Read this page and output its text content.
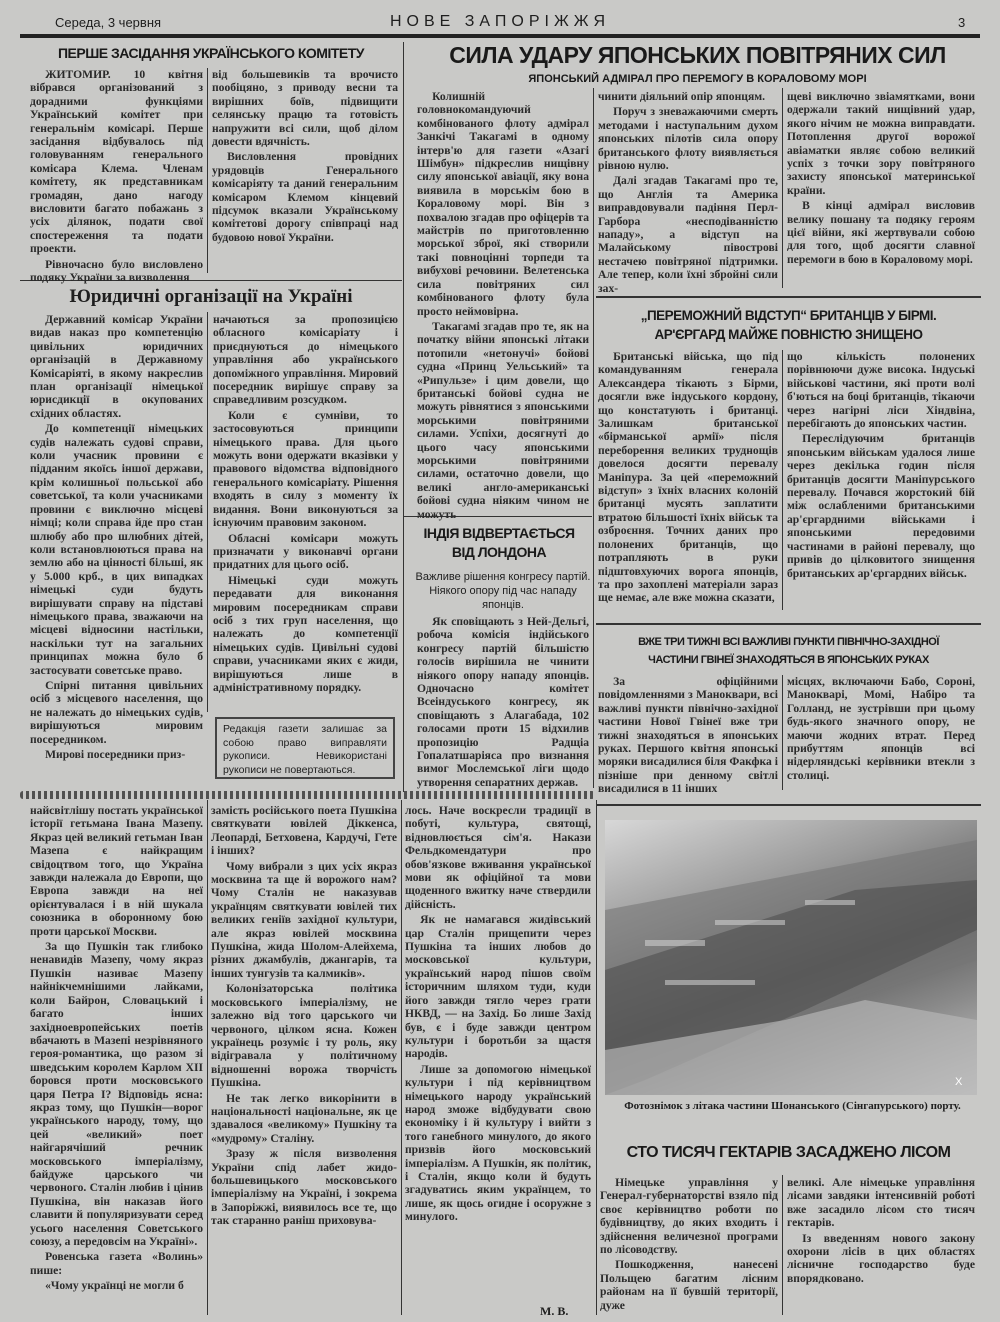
Середа, 3 червня	НОВЕ ЗАПОРІЖЖЯ	3
ПЕРШЕ ЗАСІДАННЯ УКРАЇНСЬКОГО КОМІТЕТУ

ЖИТОМИР. 10 квітня вібрався організований з дорадними функціями Український комітет при генеральнім комісарі. Перше засідання відбувалось під головуванням генерального комісара Клема. Членам комітету, як представникам громадян, дано нагоду висловити багато побажань з усіх ділянок, подати свої спостереження та подати проекти.

Рівночасно було висловлено подяку України за визволення

від большевиків та врочисто пообіцяно, з приводу весни та вирішних боїв, підвищити селянську працю та готовість напружити всі сили, щоб ділом довести вдячність.

Висловлення провідних урядовців Генерального комісаріяту та даний генеральним комісаром Клемом кінцевий підсумок вказали Українському комітетові дорогу співпраці над будовою нової України.

Юридичні організації на Україні

Державний комісар України видав наказ про компетенцію цивільних юридичних організацій в Державному Комісаріяті, в якому накреслив план організації німецької юрисдикції в окупованих східних областях.

До компетенції німецьких судів належать судові справи, коли учасник провини є підданим якоїсь іншої держави, крім колишньої польської або советської, та коли учасниками провини є виключно місцеві німці; коли справа йде про стан шлюбу або про шлюбних дітей, коли встановлюються права на землю або на цінності більші, як у 5.000 крб., в цих випадках німецькі суди будуть вирішувати справу на підставі німецького права, зважаючи на місцеві відносини настільки, наскільки тут на загальних принципах можна було б застосувати советське право.

Спірні питання цивільних осіб з місцевого населення, що не належать до німецьких судів, вирішуються мировим посередником.

Мирові посередники приз-

начаються за пропозицією обласного комісаріату і приєднуються до німецького управління або українського допоміжного управління. Мировий посередник вирішує справу за справедливим розсудком.

Коли є сумніви, то застосовуються принципи німецького права. Для цього можуть вони одержати вказівки у правового відомства відповідного генерального комісаріату. Рішення входять в силу з моменту їх видання. Вони виконуються за існуючим правовим законом.

Обласні комісари можуть призначати у виконавчі органи придатних для цього осіб.

Німецькі суди можуть передавати для виконання мировим посередникам справи осіб з тих груп населення, що належать до компетенції німецьких судів. Цивільні судові справи, учасниками яких є жиди, вирішуються лише в адміністративному порядку.

Редакція газети залишає за собою право виправляти рукописи. Невикористані рукописи не повертаються.
СИЛА УДАРУ ЯПОНСЬКИХ ПОВІТРЯНИХ СИЛ
ЯПОНСЬКИЙ АДМІРАЛ ПРО ПЕРЕМОГУ В КОРАЛОВОМУ МОРІ

Колишній головнокомандуючий комбінованого флоту адмірал Занкічі Такагамі в одному інтерв'ю для газети «Азагі Шімбун» підкреслив нищівну силу японської авіації, яку вона виявила в морськім бою в Кораловому морі. Він з похвалою згадав про офіцерів та майстрів по приготовленню морської зброї, які створили такі повноцінні торпеди та вибухові речовини. Велетенська сила повітряних сил комбінованого флоту була просто неймовірна.

Такагамі згадав про те, як на початку війни японські літаки потопили «нетонучі» бойові судна «Принц Уельський» та «Рипульзе» і цим довели, що британські бойові судна не можуть рівнятися з японськими морськими повітряними силами. Успіхи, досягнуті до цього часу японськими морськими повітряними силами, остаточно довели, що великі англо-американські бойові судна ніяким чином не можуть

чинити діяльний опір японцям.

Поруч з зневажаючими смерть методами і наступальним духом японських пілотів сила опору британського флоту виявляється рівною нулю.

Далі згадав Такагамі про те, що Англія та Америка виправдовували падіння Перл-Гарбора «несподіванністю нападу», а відступ на Малайському півострові нестачею повітряної підтримки. Але тепер, коли їхні збройні сили зах-

щеві виключно звіамятками, вони одержали такий нищівний удар, якого нічим не можна виправдати. Потоплення другої ворожої авіаматки являє собою великий успіх з точки зору повітряного захисту японської материнської країни.

В кінці адмірал висловив велику пошану та подяку героям цієї війни, які жертвували собою для того, щоб досягти славної перемоги в бою в Кораловому морі.

ІНДІЯ ВІДВЕРТАЄТЬСЯ
ВІД ЛОНДОНА
Важливе рішення конгресу партій. Ніякого опору під час нападу японців.

Як сповіщають з Ней-Дельгі, робоча комісія індійського конгресу партій більшістю голосів вирішила не чинити ніякого опору нападу японців. Одночасно комітет Всеіндуського конгресу, як сповіщають з Алагабада, 102 голосами проти 15 відхилив пропозицію Радщіа Гопалатшаріяса про визнання вимог Мослемської ліги щодо утворення сепаратних держав.

„ПЕРЕМОЖНИЙ ВІДСТУП“ БРИТАНЦІВ У БІРМІ.
АР'ЄРГАРД МАЙЖЕ ПОВНІСТЮ ЗНИЩЕНО

Британські війська, що під командуванням генерала Александера тікають з Бірми, досягли вже індуського кордону, що констатують і британці. Залишкам британської «бірманської армії» після переборення великих труднощів довелося досягти перевалу Маніпура. За цей «переможний відступ» з їхніх власних колоній британці мусять заплатити втратою більшості їхніх військ та озброєння. Точних даних про полонених британців, що потрапляють в руки підштовхуючих ворога японців, та про захоплені матеріали зараз ще немає, але вже можна сказати,

що кількість полонених порівнюючи дуже висока. Індуські військові частини, які проти волі б'ються на боці британців, тікаючи через нагірні ліси Хіндвіна, перебігають до японських частин.

Переслідуючим британців японським військам удалося лише через декілька годин після британців досягти Маніпурського перевалу. Почався жорстокий бій між ослабленими британськими ар'єргардними військами і японськими передовими частинами в районі перевалу, що привів до цілковитого знищення британських ар'єргардних військ.

ВЖЕ ТРИ ТИЖНІ ВСІ ВАЖЛИВІ ПУНКТИ ПІВНІЧНО-ЗАХІДНОЇ
ЧАСТИНИ ГВІНЕЇ ЗНАХОДЯТЬСЯ В ЯПОНСЬКИХ РУКАХ

За офіційними повідомленнями з Маноквари, всі важливі пункти північно-західної частини Нової Гвінеї вже три тижні знаходяться в японських руках. Першого квітня японські моряки висадилися біля Факфка і пізніше при денному світлі висадилися в 11 інших

місцях, включаючи Бабо, Сороні, Манокварі, Момі, Набіро та Голланд, не зустрівши при цьому будь-якого значного опору, не маючи жодних втрат. Перед прибуттям японців всі нідерляндські керівники втекли з столиці.

найсвітлішу постать української історії гетьмана Івана Мазепу. Якраз цей великий гетьман Іван Мазепа є найкращим свідоцтвом того, що Україна завжди належала до Европи, що Европа завжди на неї орієнтувалася і в ній шукала союзника в оборонному бою проти царської Москви.

За що Пушкін так глибоко ненавидів Мазепу, чому якраз Пушкін називає Мазепу найнікчемнішими лайками, коли Байрон, Словацький і багато інших західноевропейських поетів вбачають в Мазепі незрівняного героя-романтика, що разом зі шведським королем Карлом XII боровся проти московського царя Петра I? Відповідь ясна: якраз тому, що Пушкін—ворог українського народу, тому, що цей «великий» поет найгарячіший речник московського імперіалізму, байдуже царського чи червоного. Сталін любив і цінив Пушкіна, він наказав його славити й популяризувати серед усього населення Советського союзу, а передовсім на Україні».

Ровенська газета «Волинь» пише:

«Чому українці не могли б

замість російського поета Пушкіна святкувати ювілей Діккенса, Леопарді, Бетховена, Кардучі, Гете і інших?

Чому вибрали з цих усіх якраз москвина та ще й ворожого нам? Чому Сталін не наказував українцям святкувати ювілей тих великих геніїв західної культури, але якраз ювілей москвина Пушкіна, жида Шолом-Алейхема, різних джамбулів, джангарів, та інших тунгузів та калмиків».

Колонізаторська політика московського імперіалізму, не залежно від того царського чи червоного, цілком ясна. Кожен українець розуміє і ту роль, яку відігравала у політичному відношенні ворожа творчість Пушкіна.

Не так легко викорінити в національності національне, як це здавалося «великому» Пушкіну та «мудрому» Сталіну.

Зразу ж після визволення України спід лабет жидо-большевицького московського імперіалізму на Україні, і зокрема в Запоріжжі, виявилось все те, що так старанно раніш приховува-

лось. Наче воскресли традиції в побуті, культура, святощі, відновлюється сім'я. Накази Фельдкомендатури про обов'язкове вживання української мови як офіційної та мови щоденного вжитку наче ствердили дійсність.

Як не намагався жидівський цар Сталін прищепити через Пушкіна та інших любов до московської культури, український народ пішов своїм історичним шляхом туди, куди його завжди тягло через грати НКВД, — на Захід. Бо лише Захід був, є і буде завжди центром культури і боротьби за щастя народів.

Лише за допомогою німецької культури і під керівництвом німецького народу український народ зможе відбудувати свою економіку і й культуру і вийти з того ганебного минулого, до якого призвів його московський імперіалізм. А Пушкін, як політик, і Сталін, якщо коли й будуть згадуватись яким українцем, то лише, як щось огидне і осоружне з минулого.

М. В.
X
Фотознімок з літака частини Шонанського (Сінгапурського) порту.
СТО ТИСЯЧ ГЕКТАРІВ ЗАСАДЖЕНО ЛІСОМ

Німецьке управління у Генерал-губернаторстві взяло під своє керівництво роботи по будівництву, до яких входить і здійснення величезної програми по лісоводству.

Пошкодження, нанесені Польщею багатим лісним районам на її бувшій території, дуже

великі. Але німецьке управління лісами завдяки інтенсивній роботі вже засадило лісом сто тисяч гектарів.

Із введенням нового закону охорони лісів в цих областях лісничне господарство буде впорядковано.
